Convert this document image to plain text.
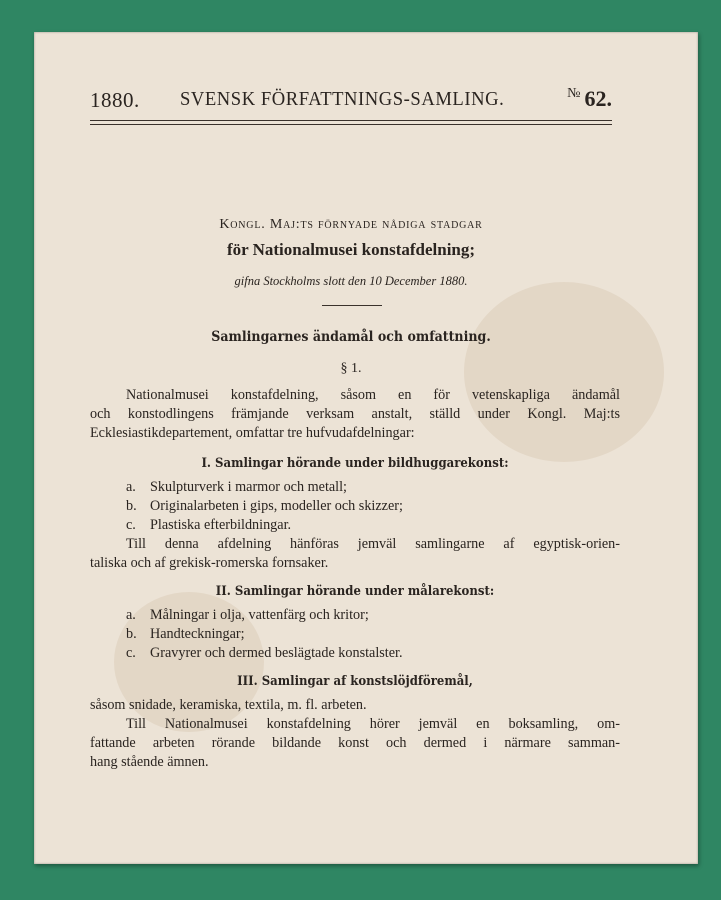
1880. SVENSK FÖRFATTNINGS-SAMLING.	№ 62.
Kongl. Maj:ts förnyade nådiga stadgar
för Nationalmusei konstafdelning;
gifna Stockholms slott den 10 December 1880.
Samlingarnes ändamål och omfattning.
§ 1.
Nationalmusei konstafdelning, såsom en för vetenskapliga ändamål
och konstodlingens främjande verksam anstalt, ställd under Kongl. Maj:ts
Ecklesiastikdepartement, omfattar tre hufvudafdelningar:
I. Samlingar hörande under bildhuggarekonst:
a. Skulpturverk i marmor och metall;
b. Originalarbeten i gips, modeller och skizzer;
c. Plastiska efterbildningar.
Till denna afdelning hänföras jemväl samlingarne af egyptisk-orien-
taliska och af grekisk-romerska fornsaker.
II. Samlingar hörande under målarekonst:
a. Målningar i olja, vattenfärg och kritor;
b. Handteckningar;
c. Gravyrer och dermed beslägtade konstalster.
III. Samlingar af konstslöjdföremål,
såsom snidade, keramiska, textila, m. fl. arbeten.
Till Nationalmusei konstafdelning hörer jemväl en boksamling, om-
fattande arbeten rörande bildande konst och dermed i närmare samman-
hang stående ämnen.
